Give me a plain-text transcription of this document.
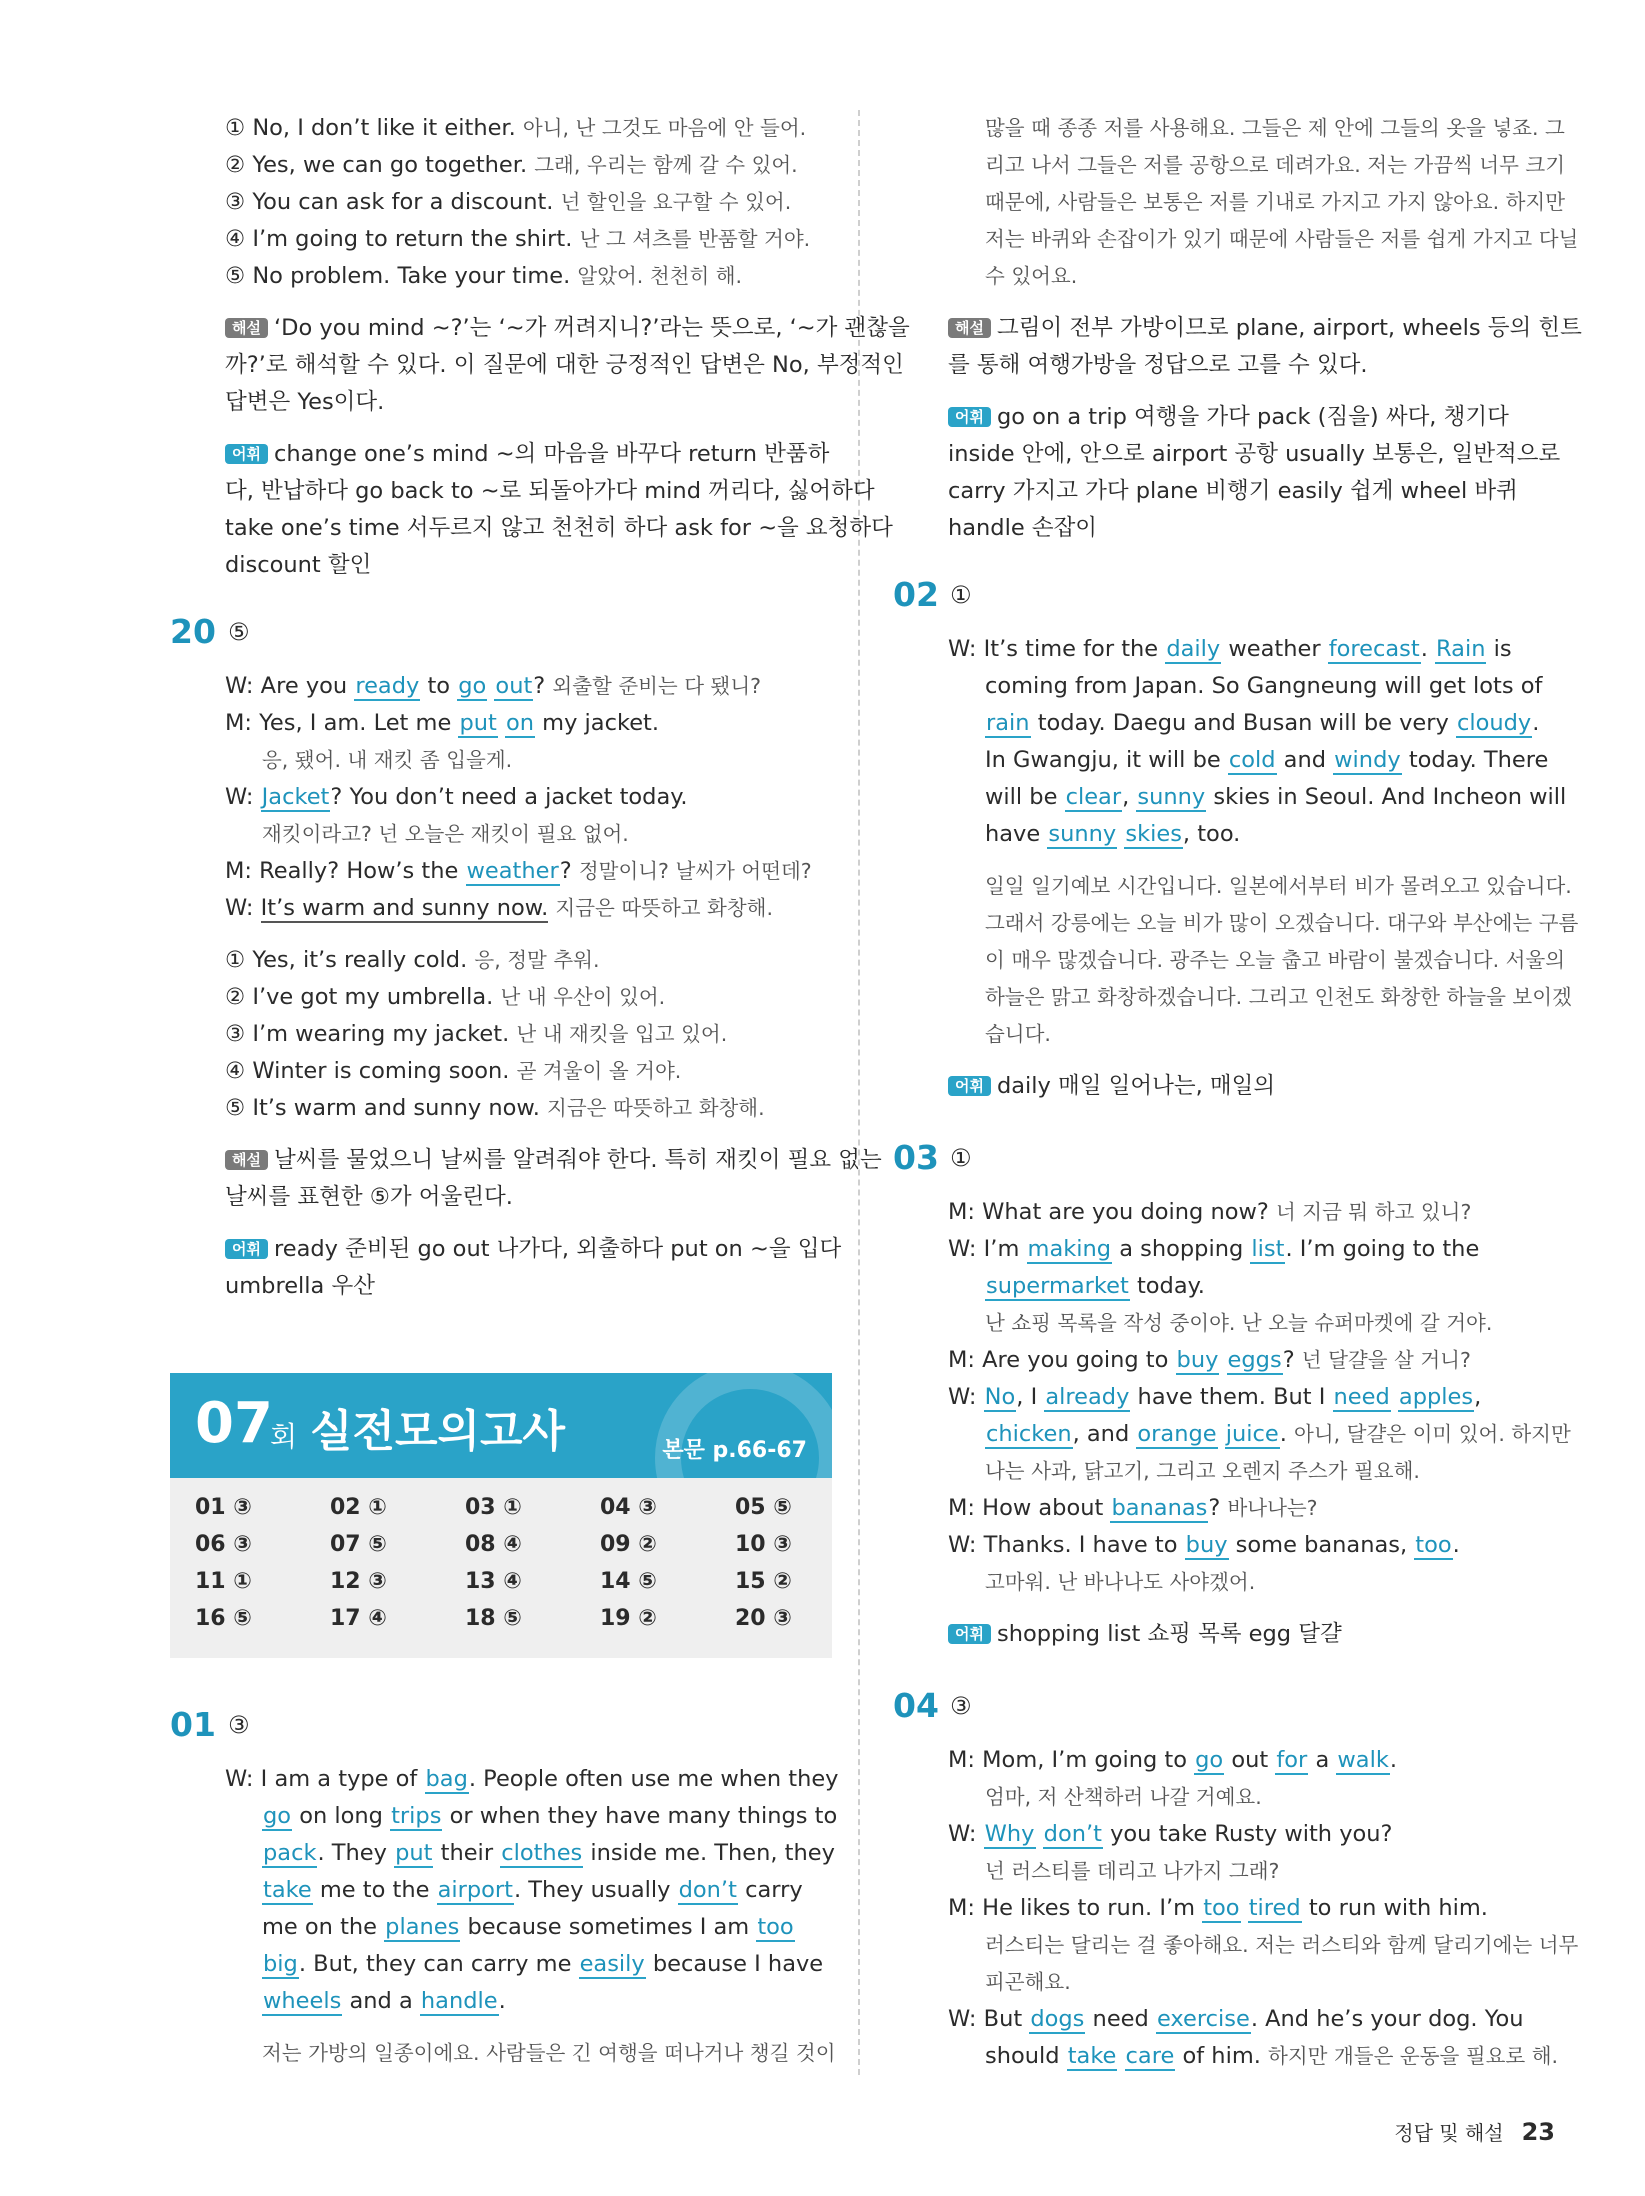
① No, I don’t like it either. 아니, 난 그것도 마음에 안 들어.
② Yes, we can go together. 그래, 우리는 함께 갈 수 있어.
③ You can ask for a discount. 넌 할인을 요구할 수 있어.
④ I’m going to return the shirt. 난 그 셔츠를 반품할 거야.
⑤ No problem. Take your time. 알았어. 천천히 해.
해설 ‘Do you mind ~?’는 ‘~가 꺼려지니?’라는 뜻으로, ‘~가 괜찮을
까?’로 해석할 수 있다. 이 질문에 대한 긍정적인 답변은 No, 부정적인
답변은 Yes이다.
어휘 change one’s mind ~의 마음을 바꾸다 return 반품하
다, 반납하다 go back to ~로 되돌아가다 mind 꺼리다, 싫어하다
take one’s time 서두르지 않고 천천히 하다 ask for ~을 요청하다
discount 할인
20 ⑤
W: Are you ready to go out? 외출할 준비는 다 됐니?
M: Yes, I am. Let me put on my jacket.
응, 됐어. 내 재킷 좀 입을게.
W: Jacket? You don’t need a jacket today.
재킷이라고? 넌 오늘은 재킷이 필요 없어.
M: Really? How’s the weather? 정말이니? 날씨가 어떤데?
W: It’s warm and sunny now. 지금은 따뜻하고 화창해.
① Yes, it’s really cold. 응, 정말 추워.
② I’ve got my umbrella. 난 내 우산이 있어.
③ I’m wearing my jacket. 난 내 재킷을 입고 있어.
④ Winter is coming soon. 곧 겨울이 올 거야.
⑤ It’s warm and sunny now. 지금은 따뜻하고 화창해.
해설 날씨를 물었으니 날씨를 알려줘야 한다. 특히 재킷이 필요 없는
날씨를 표현한 ⑤가 어울린다.
어휘 ready 준비된 go out 나가다, 외출하다 put on ~을 입다
umbrella 우산
07
회 실전모의고사	본문 p.66-67
01 ③	02 ①	03 ①	04 ③	05 ⑤
06 ③	07 ⑤	08 ④	09 ②	10 ③
11 ①	12 ③	13 ④	14 ⑤	15 ②
16 ⑤	17 ④	18 ⑤	19 ②	20 ③
01 ③
W: I am a type of bag. People often use me when they
go on long trips or when they have many things to
pack. They put their clothes inside me. Then, they
take me to the airport. They usually don’t carry
me on the planes because sometimes I am too
big. But, they can carry me easily because I have
wheels and a handle.
저는 가방의 일종이에요. 사람들은 긴 여행을 떠나거나 챙길 것이
많을 때 종종 저를 사용해요. 그들은 제 안에 그들의 옷을 넣죠. 그
리고 나서 그들은 저를 공항으로 데려가요. 저는 가끔씩 너무 크기
때문에, 사람들은 보통은 저를 기내로 가지고 가지 않아요. 하지만
저는 바퀴와 손잡이가 있기 때문에 사람들은 저를 쉽게 가지고 다닐
수 있어요.
해설 그림이 전부 가방이므로 plane, airport, wheels 등의 힌트
를 통해 여행가방을 정답으로 고를 수 있다.
어휘 go on a trip 여행을 가다 pack (짐을) 싸다, 챙기다
inside 안에, 안으로 airport 공항 usually 보통은, 일반적으로
carry 가지고 가다 plane 비행기 easily 쉽게 wheel 바퀴
handle 손잡이
02 ①
W: It’s time for the daily weather forecast. Rain is
coming from Japan. So Gangneung will get lots of
rain today. Daegu and Busan will be very cloudy.
In Gwangju, it will be cold and windy today. There
will be clear, sunny skies in Seoul. And Incheon will
have sunny skies, too.
일일 일기예보 시간입니다. 일본에서부터 비가 몰려오고 있습니다.
그래서 강릉에는 오늘 비가 많이 오겠습니다. 대구와 부산에는 구름
이 매우 많겠습니다. 광주는 오늘 춥고 바람이 불겠습니다. 서울의
하늘은 맑고 화창하겠습니다. 그리고 인천도 화창한 하늘을 보이겠
습니다.
어휘 daily 매일 일어나는, 매일의
03 ①
M: What are you doing now? 너 지금 뭐 하고 있니?
W: I’m making a shopping list. I’m going to the
supermarket today.
난 쇼핑 목록을 작성 중이야. 난 오늘 슈퍼마켓에 갈 거야.
M: Are you going to buy eggs? 넌 달걀을 살 거니?
W: No, I already have them. But I need apples,
chicken, and orange juice. 아니, 달걀은 이미 있어. 하지만
나는 사과, 닭고기, 그리고 오렌지 주스가 필요해.
M: How about bananas? 바나나는?
W: Thanks. I have to buy some bananas, too.
고마워. 난 바나나도 사야겠어.
어휘 shopping list 쇼핑 목록 egg 달걀
04 ③
M: Mom, I’m going to go out for a walk.
엄마, 저 산책하러 나갈 거예요.
W: Why don’t you take Rusty with you?
넌 러스티를 데리고 나가지 그래?
M: He likes to run. I’m too tired to run with him.
러스티는 달리는 걸 좋아해요. 저는 러스티와 함께 달리기에는 너무
피곤해요.
W: But dogs need exercise. And he’s your dog. You
should take care of him. 하지만 개들은 운동을 필요로 해.
정답 및 해설 23
